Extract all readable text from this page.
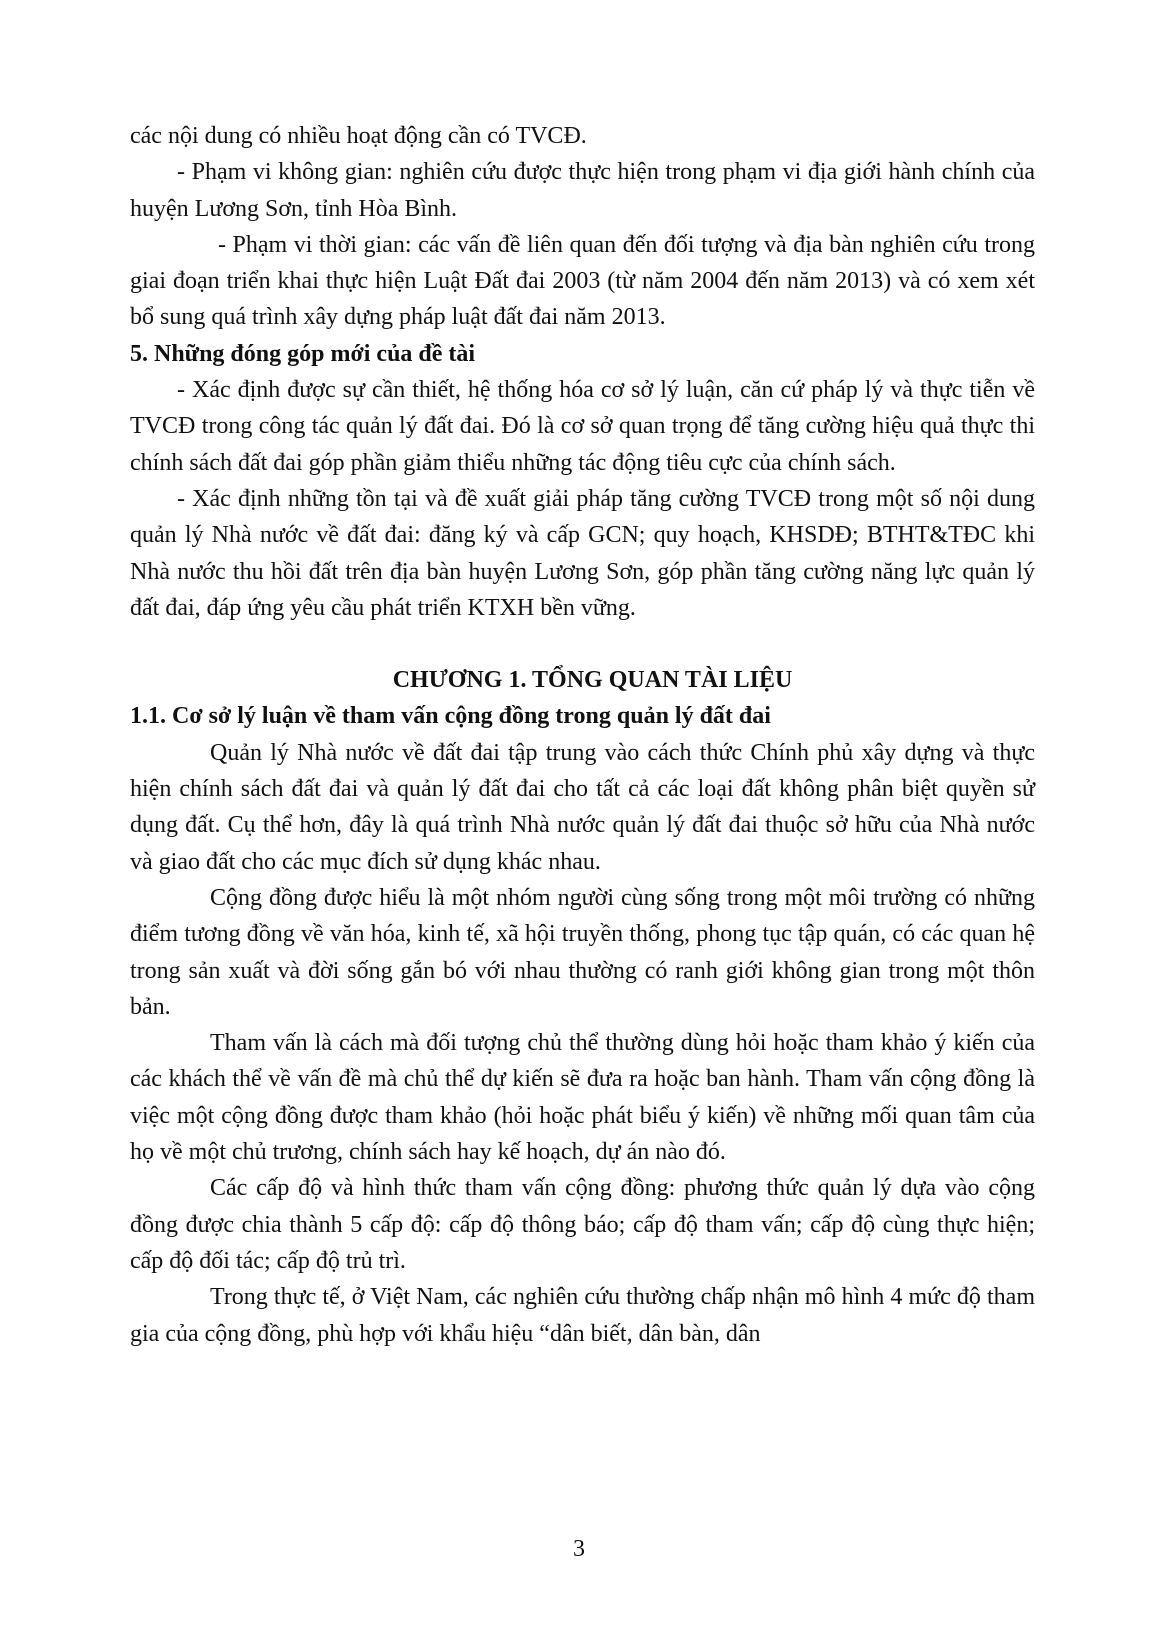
các nội dung có nhiều hoạt động cần có TVCĐ.

- Phạm vi không gian: nghiên cứu được thực hiện trong phạm vi địa giới hành chính của huyện Lương Sơn, tỉnh Hòa Bình.

- Phạm vi thời gian: các vấn đề liên quan đến đối tượng và địa bàn nghiên cứu trong giai đoạn triển khai thực hiện Luật Đất đai 2003 (từ năm 2004 đến năm 2013) và có xem xét bổ sung quá trình xây dựng pháp luật đất đai năm 2013.

5. Những đóng góp mới của đề tài

- Xác định được sự cần thiết, hệ thống hóa cơ sở lý luận, căn cứ pháp lý và thực tiễn về TVCĐ trong công tác quản lý đất đai. Đó là cơ sở quan trọng để tăng cường hiệu quả thực thi chính sách đất đai góp phần giảm thiểu những tác động tiêu cực của chính sách.

- Xác định những tồn tại và đề xuất giải pháp tăng cường TVCĐ trong một số nội dung quản lý Nhà nước về đất đai: đăng ký và cấp GCN; quy hoạch, KHSDĐ; BTHT&TĐC khi Nhà nước thu hồi đất trên địa bàn huyện Lương Sơn, góp phần tăng cường năng lực quản lý đất đai, đáp ứng yêu cầu phát triển KTXH bền vững.

CHƯƠNG 1. TỔNG QUAN TÀI LIỆU

1.1. Cơ sở lý luận về tham vấn cộng đồng trong quản lý đất đai

Quản lý Nhà nước về đất đai tập trung vào cách thức Chính phủ xây dựng và thực hiện chính sách đất đai và quản lý đất đai cho tất cả các loại đất không phân biệt quyền sử dụng đất. Cụ thể hơn, đây là quá trình Nhà nước quản lý đất đai thuộc sở hữu của Nhà nước và giao đất cho các mục đích sử dụng khác nhau.

Cộng đồng được hiểu là một nhóm người cùng sống trong một môi trường có những điểm tương đồng về văn hóa, kinh tế, xã hội truyền thống, phong tục tập quán, có các quan hệ trong sản xuất và đời sống gắn bó với nhau thường có ranh giới không gian trong một thôn bản.

Tham vấn là cách mà đối tượng chủ thể thường dùng hỏi hoặc tham khảo ý kiến của các khách thể về vấn đề mà chủ thể dự kiến sẽ đưa ra hoặc ban hành. Tham vấn cộng đồng là việc một cộng đồng được tham khảo (hỏi hoặc phát biểu ý kiến) về những mối quan tâm của họ về một chủ trương, chính sách hay kế hoạch, dự án nào đó.

Các cấp độ và hình thức tham vấn cộng đồng: phương thức quản lý dựa vào cộng đồng được chia thành 5 cấp độ: cấp độ thông báo; cấp độ tham vấn; cấp độ cùng thực hiện; cấp độ đối tác; cấp độ trủ trì.

Trong thực tế, ở Việt Nam, các nghiên cứu thường chấp nhận mô hình 4 mức độ tham gia của cộng đồng, phù hợp với khẩu hiệu “dân biết, dân bàn, dân

3
